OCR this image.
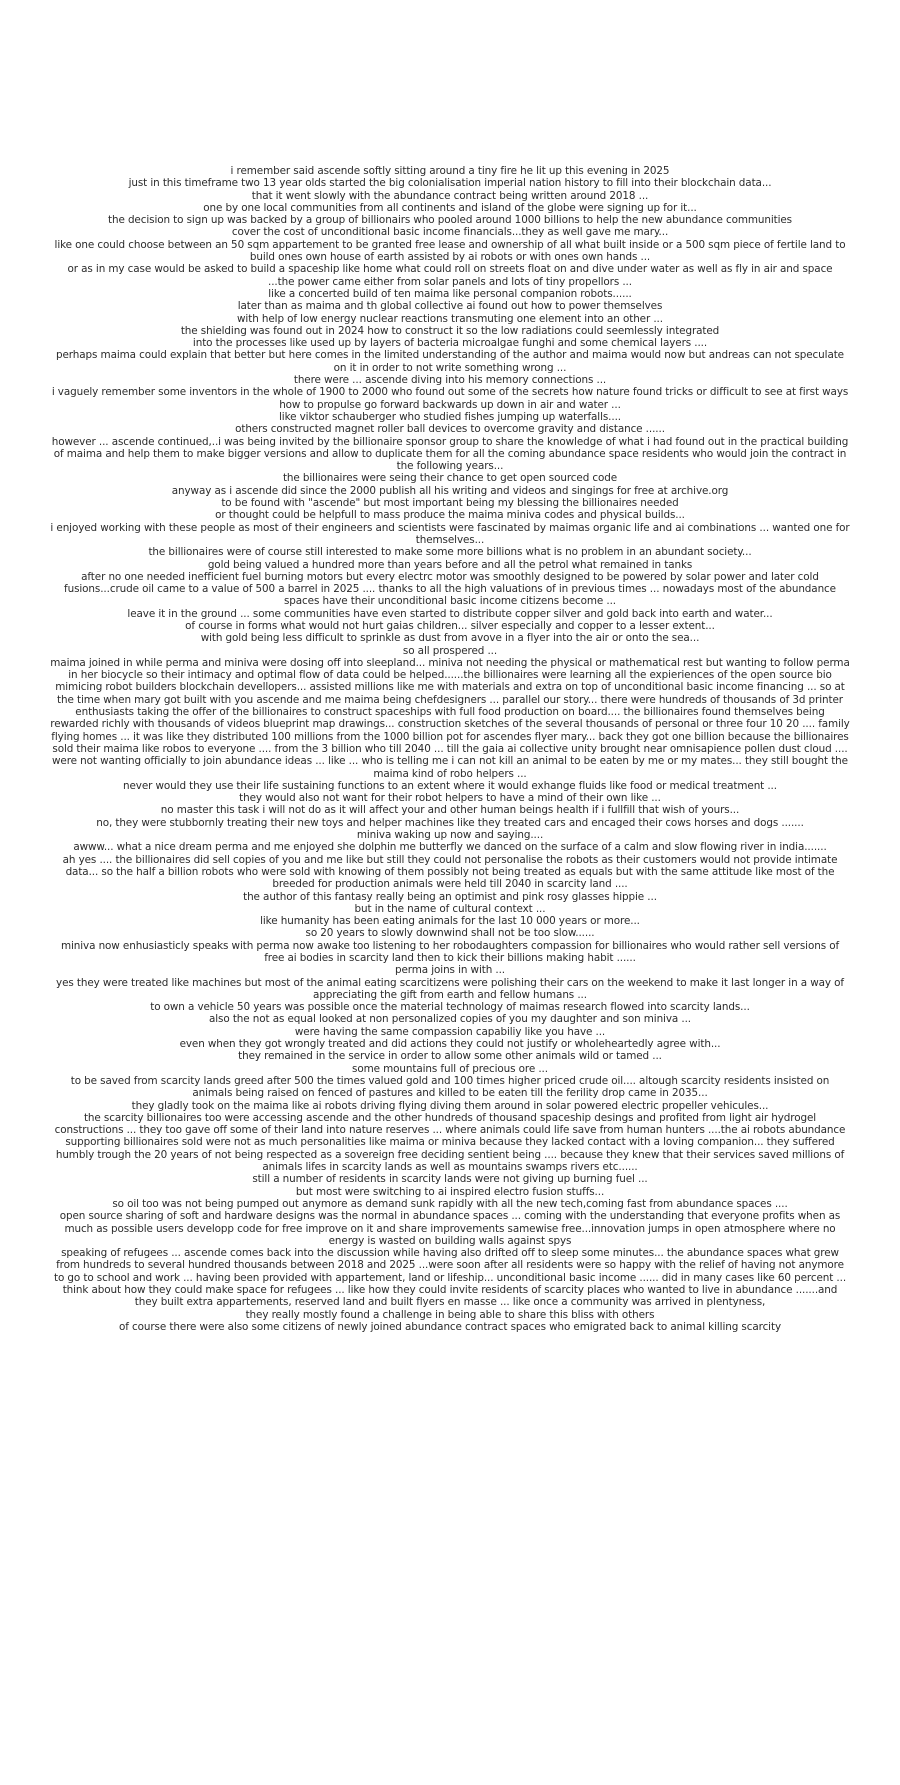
i remember said ascende softly sitting around a tiny fire he lit up this evening in 2025

just in this timeframe two 13 year olds started the big colonialisation imperial nation history to fill into their blockchain data...

that it went slowly with the abundance contract being written around 2018 ...

one by one local communities from all continents and island of the globe were signing up for it...

the decision to sign up was backed by a group of billionairs who pooled around 1000 billions to help the new abundance communities

cover the cost of unconditional basic income financials...they as well gave me mary...

like one could choose between an 50 sqm appartement to be granted free lease and ownership of all what built inside or a 500 sqm piece of fertile land to build ones own house of earth assisted by ai robots or with ones own hands ...

or as in my case would be asked to build a spaceship like home what could roll on streets float on and dive under water as well as fly in air and space

...the power came either from solar panels and lots of tiny propellors ...

like a concerted build of ten maima like personal companion robots......

later than as maima and th global collective ai found out how to power themselves

with help of low energy nuclear reactions transmuting one element into an other ...

the shielding was found out in 2024 how to construct it so the low radiations could seemlessly integrated

into the processes like used up by layers of bacteria microalgae funghi and some chemical layers ....

perhaps maima could explain that better but here comes in the limited understanding of the author and maima would now but andreas can not speculate on it in order to not write something wrong ...

there were ... ascende diving into his memory connections ...

i vaguely remember some inventors in the whole of 1900 to 2000 who found out some of the secrets how nature found tricks or difficult to see at first ways how to propulse go forward backwards up down in air and water ...

like viktor schauberger who studied fishes jumping up waterfalls....

others constructed magnet roller ball devices to overcome gravity and distance ......

however ... ascende continued,..i was being invited by the billionaire sponsor group to share the knowledge of what i had found out in the practical building of maima and help them to make bigger versions and allow to duplicate them for all the coming abundance space residents who would join the contract in the following years...

the billionaires were seing their chance to get open sourced code

anyway as i ascende did since the 2000 publish all his writing and videos and singings for free at archive.org

to be found with "ascende" but most important being my blessing the billionaires needed

or thought could be helpfull to mass produce the maima miniva codes and physical builds...

i enjoyed working with these people as most of their engineers and scientists were fascinated by maimas organic life and ai combinations ... wanted one for themselves...

the billionaires were of course still interested to make some more billions what is no problem in an abundant society...

gold being valued a hundred more than years before and all the petrol what remained in tanks

after no one needed inefficient fuel burning motors but every electrc motor was smoothly designed to be powered by solar power and later cold fusions...crude oil came to a value of 500 a barrel in 2025 .... thanks to all the high valuations of in previous times ... nowadays most of the abundance spaces have their unconditional basic income citizens become ...

leave it in the ground ... some communities have even started to distribute copper silver and gold back into earth and water...

of course in forms what would not hurt gaias children... silver especially and copper to a lesser extent...

with gold being less difficult to sprinkle as dust from avove in a flyer into the air or onto the sea...

so all prospered ...

maima joined in while perma and miniva were dosing off into sleepland... miniva not needing the physical or mathematical rest but wanting to follow perma in her biocycle so their intimacy and optimal flow of data could be helped......the billionaires were learning all the expieriences of the open source bio mimicing robot builders blockchain devellopers... assisted millions like me with materials and extra on top of unconditional basic income financing ... so at the time when mary got built with you ascende and me maima being chefdesigners ... parallel our story... there were hundreds of thousands of 3d printer enthusiasts taking the offer of the billionaires to construct spaceships with full food production on board.... the billionaires found themselves being rewarded richly with thousands of videos blueprint map drawings... construction sketches of the several thousands of personal or three four 10 20 .... family flying homes ... it was like they distributed 100 millions from the 1000 billion pot for ascendes flyer mary... back they got one billion because the billionaires sold their maima like robos to everyone .... from the 3 billion who till 2040 ... till the gaia ai collective unity brought near omnisapience pollen dust cloud .... were not wanting officially to join abundance ideas ... like ... who is telling me i can not kill an animal to be eaten by me or my mates... they still bought the maima kind of robo helpers ...

never would they use their life sustaining functions to an extent where it would exhange fluids like food or medical treatment ...

they would also not want for their robot helpers to have a mind of their own like ...

no master this task i will not do as it will affect your and other human beings health if i fullfill that wish of yours...

no, they were stubbornly treating their new toys and helper machines like they treated cars and encaged their cows horses and dogs .......

miniva waking up now and saying....

awww... what a nice dream perma and me enjoyed she dolphin me butterfly we danced on the surface of a calm and slow flowing river in india.......

ah yes .... the billionaires did sell copies of you and me like but still they could not personalise the robots as their customers would not provide intimate data... so the half a billion robots who were sold with knowing of them possibly not being treated as equals but with the same attitude like most of the breeded for production animals were held till 2040 in scarcity land ....

the author of this fantasy really being an optimist and pink rosy glasses hippie ...

but in the name of cultural context ...

like humanity has been eating animals for the last 10 000 years or more...

so 20 years to slowly downwind shall not be too slow......

miniva now enhusiasticly speaks with perma now awake too listening to her robodaughters compassion for billionaires who would rather sell versions of free ai bodies in scarcity land then to kick their billions making habit ......

perma joins in with ...

yes they were treated like machines but most of the animal eating scarcitizens were polishing their cars on the weekend to make it last longer in a way of appreciating the gift from earth and fellow humans ...

to own a vehicle 50 years was possible once the material technology of maimas research flowed into scarcity lands...

also the not as equal looked at non personalized copies of you my daughter and son miniva ...

were having the same compassion capabiliy like you have ...

even when they got wrongly treated and did actions they could not justify or wholeheartedly agree with...

they remained in the service in order to allow some other animals wild or tamed ...

some mountains full of precious ore ...

to be saved from scarcity lands greed after 500 the times valued gold and 100 times higher priced crude oil.... altough scarcity residents insisted on animals being raised on fenced of pastures and killed to be eaten till the ferility drop came in 2035...

they gladly took on the maima like ai robots driving flying diving them around in solar powered electric propeller vehicules...

the scarcity billionaires too were accessing ascende and the other hundreds of thousand spaceship desings and profited from light air hydrogel constructions ... they too gave off some of their land into nature reserves ... where animals could life save from human hunters ....the ai robots abundance supporting billionaires sold were not as much personalities like maima or miniva because they lacked contact with a loving companion... they suffered humbly trough the 20 years of not being respected as a sovereign free deciding sentient being .... because they knew that their services saved millions of animals lifes in scarcity lands as well as mountains swamps rivers etc......

still a number of residents in scarcity lands were not giving up burning fuel ...

but most were switching to ai inspired electro fusion stuffs...

so oil too was not being pumped out anymore as demand sunk rapidly with all the new tech,coming fast from abundance spaces ....

open source sharing of soft and hardware designs was the normal in abundance spaces ... coming with the understanding that everyone profits when as much as possible users developp code for free improve on it and share improvements samewise free...innovation jumps in open atmosphere where no energy is wasted on building walls against spys

speaking of refugees ... ascende comes back into the discussion while having also drifted off to sleep some minutes... the abundance spaces what grew from hundreds to several hundred thousands between 2018 and 2025 ...were soon after all residents were so happy with the relief of having not anymore to go to school and work ... having been provided with appartement, land or lifeship... unconditional basic income ...... did in many cases like 60 percent ... think about how they could make space for refugees ... like how they could invite residents of scarcity places who wanted to live in abundance .......and they built extra appartements, reserved land and built flyers en masse ... like once a community was arrived in plentyness,

they really mostly found a challenge in being able to share this bliss with others

of course there were also some citizens of newly joined abundance contract spaces who emigrated back to animal killing scarcity
